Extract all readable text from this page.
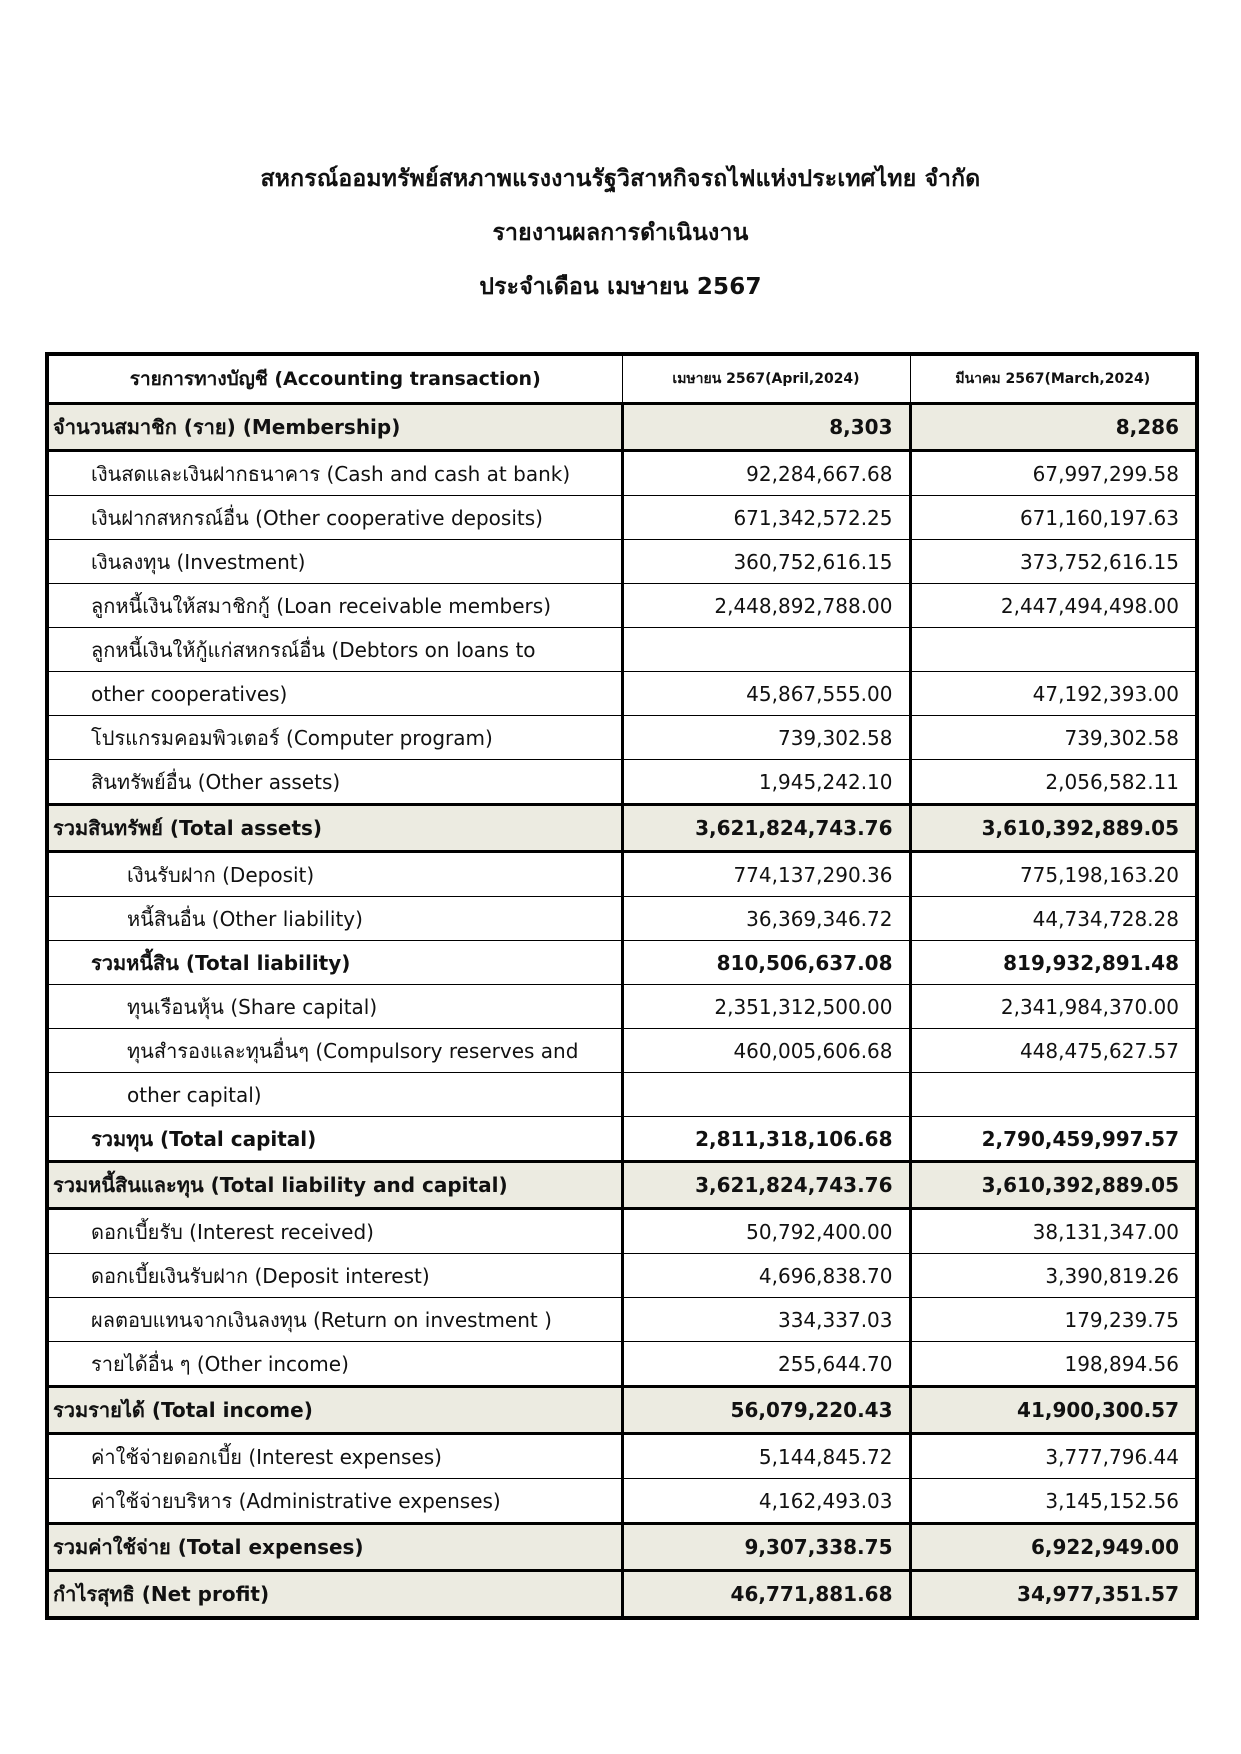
สหกรณ์ออมทรัพย์สหภาพแรงงานรัฐวิสาหกิจรถไฟแห่งประเทศไทย จำกัด
รายงานผลการดำเนินงาน
ประจำเดือน เมษายน 2567
รายการทางบัญชี (Accounting transaction)	เมษายน 2567(April,2024)	มีนาคม 2567(March,2024)
จำนวนสมาชิก (ราย) (Membership)	8,303	8,286
เงินสดและเงินฝากธนาคาร (Cash and cash at bank)	92,284,667.68	67,997,299.58
เงินฝากสหกรณ์อื่น (Other cooperative deposits)	671,342,572.25	671,160,197.63
เงินลงทุน (Investment)	360,752,616.15	373,752,616.15
ลูกหนี้เงินให้สมาชิกกู้ (Loan receivable members)	2,448,892,788.00	2,447,494,498.00
ลูกหนี้เงินให้กู้แก่สหกรณ์อื่น (Debtors on loans to		
other cooperatives)	45,867,555.00	47,192,393.00
โปรแกรมคอมพิวเตอร์ (Computer program)	739,302.58	739,302.58
สินทรัพย์อื่น (Other assets)	1,945,242.10	2,056,582.11
รวมสินทรัพย์ (Total assets)	3,621,824,743.76	3,610,392,889.05
เงินรับฝาก (Deposit)	774,137,290.36	775,198,163.20
หนี้สินอื่น (Other liability)	36,369,346.72	44,734,728.28
รวมหนี้สิน (Total liability)	810,506,637.08	819,932,891.48
ทุนเรือนหุ้น (Share capital)	2,351,312,500.00	2,341,984,370.00
ทุนสำรองและทุนอื่นๆ (Compulsory reserves and	460,005,606.68	448,475,627.57
other capital)		
รวมทุน (Total capital)	2,811,318,106.68	2,790,459,997.57
รวมหนี้สินและทุน (Total liability and capital)	3,621,824,743.76	3,610,392,889.05
ดอกเบี้ยรับ (Interest received)	50,792,400.00	38,131,347.00
ดอกเบี้ยเงินรับฝาก (Deposit interest)	4,696,838.70	3,390,819.26
ผลตอบแทนจากเงินลงทุน (Return on investment )	334,337.03	179,239.75
รายได้อื่น ๆ (Other income)	255,644.70	198,894.56
รวมรายได้ (Total income)	56,079,220.43	41,900,300.57
ค่าใช้จ่ายดอกเบี้ย (Interest expenses)	5,144,845.72	3,777,796.44
ค่าใช้จ่ายบริหาร (Administrative expenses)	4,162,493.03	3,145,152.56
รวมค่าใช้จ่าย (Total expenses)	9,307,338.75	6,922,949.00
กำไรสุทธิ (Net profit)	46,771,881.68	34,977,351.57
